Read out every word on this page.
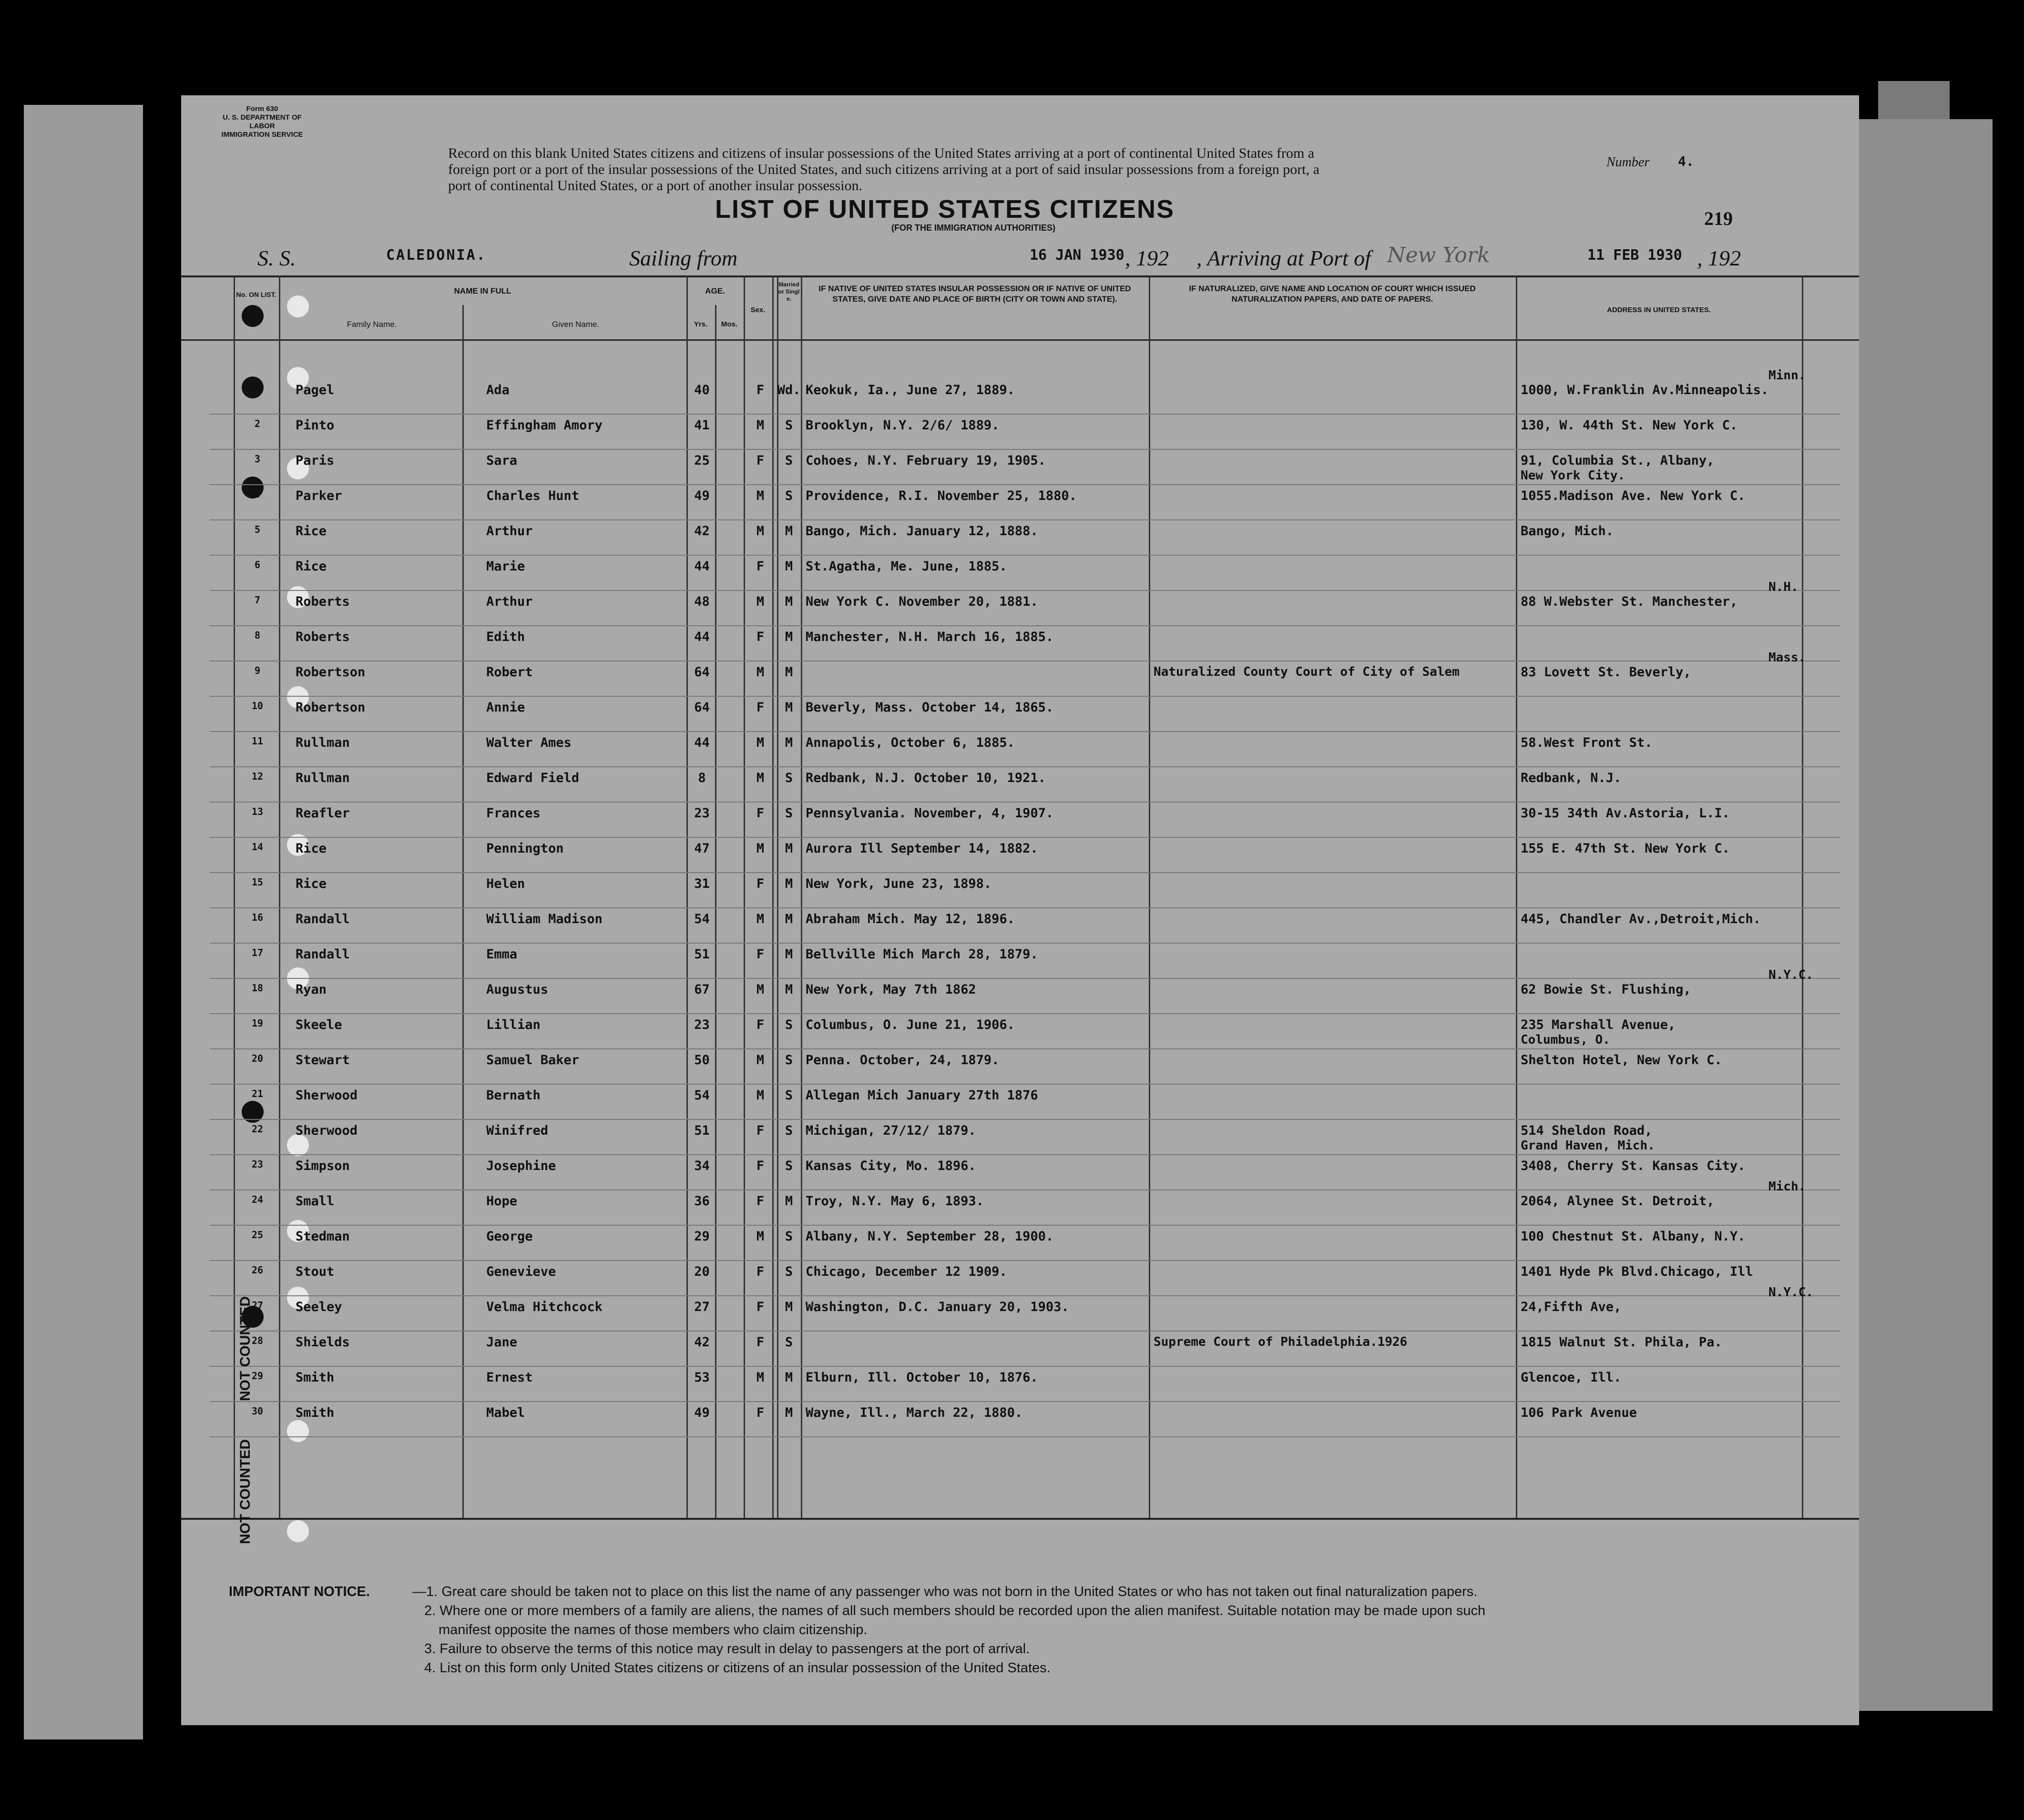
Form 630
U. S. DEPARTMENT OF LABOR
IMMIGRATION SERVICE
Record on this blank United States citizens and citizens of insular possessions of the United States arriving at a port of continental United States from a
foreign port or a port of the insular possessions of the United States, and such citizens arriving at a port of said insular possessions from a foreign port, a
port of continental United States, or a port of another insular possession.
Number 4.
219
LIST OF UNITED STATES CITIZENS
(FOR THE IMMIGRATION AUTHORITIES)
S. S.	CALEDONIA.	Sailing from	16 JAN 1930 , 192 , Arriving at Port of New York	11 FEB 1930 , 192
No. ON LIST.	NAME IN FULL
Family Name.	Given Name.
AGE.
Yrs.	Mos.
Sex.
Married or Single.
IF NATIVE OF UNITED STATES INSULAR POSSESSION OR IF NATIVE OF UNITED STATES, GIVE DATE AND PLACE OF BIRTH (CITY OR TOWN AND STATE).
IF NATURALIZED, GIVE NAME AND LOCATION OF COURT WHICH ISSUED NATURALIZATION PAPERS, AND DATE OF PAPERS.
ADDRESS IN UNITED STATES.
1	Pagel	Ada	40	F	Wd. Keokuk, Ia., June 27, 1889.	1000, W.Franklin Av.Minneapolis.
Minn.
2	Pinto	Effingham Amory	41	M	S Brooklyn, N.Y. 2/6/ 1889.	130, W. 44th St. New York C.
3	Paris	Sara	25	F	S Cohoes, N.Y. February 19, 1905.	91, Columbia St., Albany,
New York City.
4	Parker	Charles Hunt	49	M	S Providence, R.I. November 25, 1880.	1055.Madison Ave. New York C.
5	Rice	Arthur	42	M	M Bango, Mich. January 12, 1888.	Bango, Mich.
6	Rice	Marie	44	F	M St.Agatha, Me. June, 1885.
7	Roberts	Arthur	48	M	M New York C. November 20, 1881.	88 W.Webster St. Manchester,
N.H.
8	Roberts	Edith	44	F	M Manchester, N.H. March 16, 1885.
9	Robertson	Robert	64	M	M	Naturalized County Court of City of Salem	83 Lovett St. Beverly,
Mass.
10	Robertson	Annie	64	F	M Beverly, Mass. October 14, 1865.
11	Rullman	Walter Ames	44	M	M Annapolis, October 6, 1885.	58.West Front St.
12	Rullman	Edward Field	8	M	S Redbank, N.J. October 10, 1921.	Redbank, N.J.
13	Reafler	Frances	23	F	S Pennsylvania. November, 4, 1907.	30-15 34th Av.Astoria, L.I.
14	Rice	Pennington	47	M	M Aurora Ill September 14, 1882.	155 E. 47th St. New York C.
15	Rice	Helen	31	F	M New York, June 23, 1898.
16	Randall	William Madison	54	M	M Abraham Mich. May 12, 1896.	445, Chandler Av.,Detroit,Mich.
17	Randall	Emma	51	F	M Bellville Mich March 28, 1879.
18	Ryan	Augustus	67	M	M New York, May 7th 1862	62 Bowie St. Flushing,
N.Y.C.
19	Skeele	Lillian	23	F	S Columbus, O. June 21, 1906.	235 Marshall Avenue,
Columbus, O.
20	Stewart	Samuel Baker	50	M	S Penna. October, 24, 1879.	Shelton Hotel, New York C.
21	Sherwood	Bernath	54	M	S Allegan Mich January 27th 1876
22	Sherwood	Winifred	51	F	S Michigan, 27/12/ 1879.	514 Sheldon Road,
Grand Haven, Mich.
23	Simpson	Josephine	34	F	S Kansas City, Mo. 1896.	3408, Cherry St. Kansas City.
24	Small	Hope	36	F	M Troy, N.Y. May 6, 1893.	2064, Alynee St. Detroit,
Mich.
25	Stedman	George	29	M	S Albany, N.Y. September 28, 1900.	100 Chestnut St. Albany, N.Y.
26	Stout	Genevieve	20	F	S Chicago, December 12 1909.	1401 Hyde Pk Blvd.Chicago, Ill
27	Seeley	Velma Hitchcock	27	F	M Washington, D.C. January 20, 1903.	24,Fifth Ave,
N.Y.C.
28	Shields	Jane	42	F	S	Supreme Court of Philadelphia.1926	1815 Walnut St. Phila, Pa.
29	Smith	Ernest	53	M	M Elburn, Ill. October 10, 1876.	Glencoe, Ill.
30	Smith	Mabel	49	F	M Wayne, Ill., March 22, 1880.	106 Park Avenue
NOT COUNTED
NOT COUNTED
IMPORTANT NOTICE.	—1. Great care should be taken not to place on this list the name of any passenger who was not born in the United States or who has not taken out final naturalization papers.
2. Where one or more members of a family are aliens, the names of all such members should be recorded upon the alien manifest. Suitable notation may be made upon such
manifest opposite the names of those members who claim citizenship.
3. Failure to observe the terms of this notice may result in delay to passengers at the port of arrival.
4. List on this form only United States citizens or citizens of an insular possession of the United States.
